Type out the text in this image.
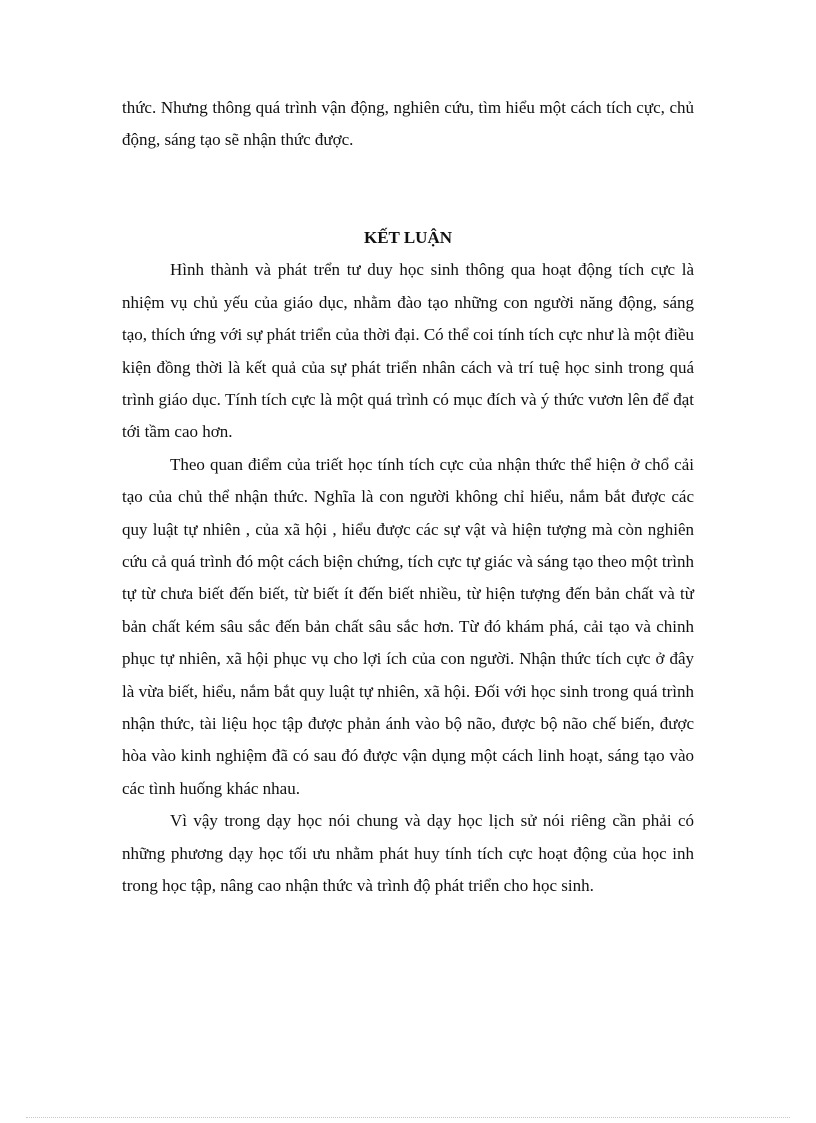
thức. Nhưng thông quá trình vận động, nghiên cứu, tìm hiểu một cách tích cực, chủ động, sáng tạo sẽ nhận thức được.

KẾT LUẬN

Hình thành và phát trển tư duy học sinh thông qua hoạt động tích cực là nhiệm vụ chủ yếu của giáo dục, nhằm đào tạo những con người năng động, sáng tạo, thích ứng với sự phát triển của thời đại. Có thể coi tính tích cực như là một điều kiện đồng thời là kết quả của sự phát triển nhân cách và trí tuệ học sinh trong quá trình giáo dục. Tính tích cực là một quá trình có mục đích và ý thức vươn lên để đạt tới tầm cao hơn.

Theo quan điểm của triết học tính tích cực của nhận thức thể hiện ở chổ cải tạo của chủ thể nhận thức. Nghĩa là con người không chỉ hiểu, nắm bắt được các quy luật tự nhiên , của xã hội , hiểu được các sự vật và hiện tượng mà còn nghiên cứu cả quá trình đó một cách biện chứng, tích cực tự giác và sáng tạo theo một trình tự từ chưa biết đến biết, từ biết ít đến biết nhiều, từ hiện tượng đến bản chất và từ bản chất kém sâu sắc đến bản chất sâu sắc hơn. Từ đó khám phá, cải tạo và chinh phục tự nhiên, xã hội phục vụ cho lợi ích của con người. Nhận thức tích cực ở đây là vừa biết, hiểu, nắm bắt quy luật tự nhiên, xã hội. Đối với học sinh trong quá trình nhận thức, tài liệu học tập được phản ánh vào bộ não, được bộ não chế biến, được hòa vào kinh nghiệm đã có sau đó được vận dụng một cách linh hoạt, sáng tạo vào các tình huống khác nhau.

Vì vậy trong dạy học nói chung và dạy học lịch sử nói riêng cần phải có những phương dạy học tối ưu nhằm phát huy tính tích cực hoạt động của học inh trong học tập, nâng cao nhận thức và trình độ phát triển cho học sinh.
